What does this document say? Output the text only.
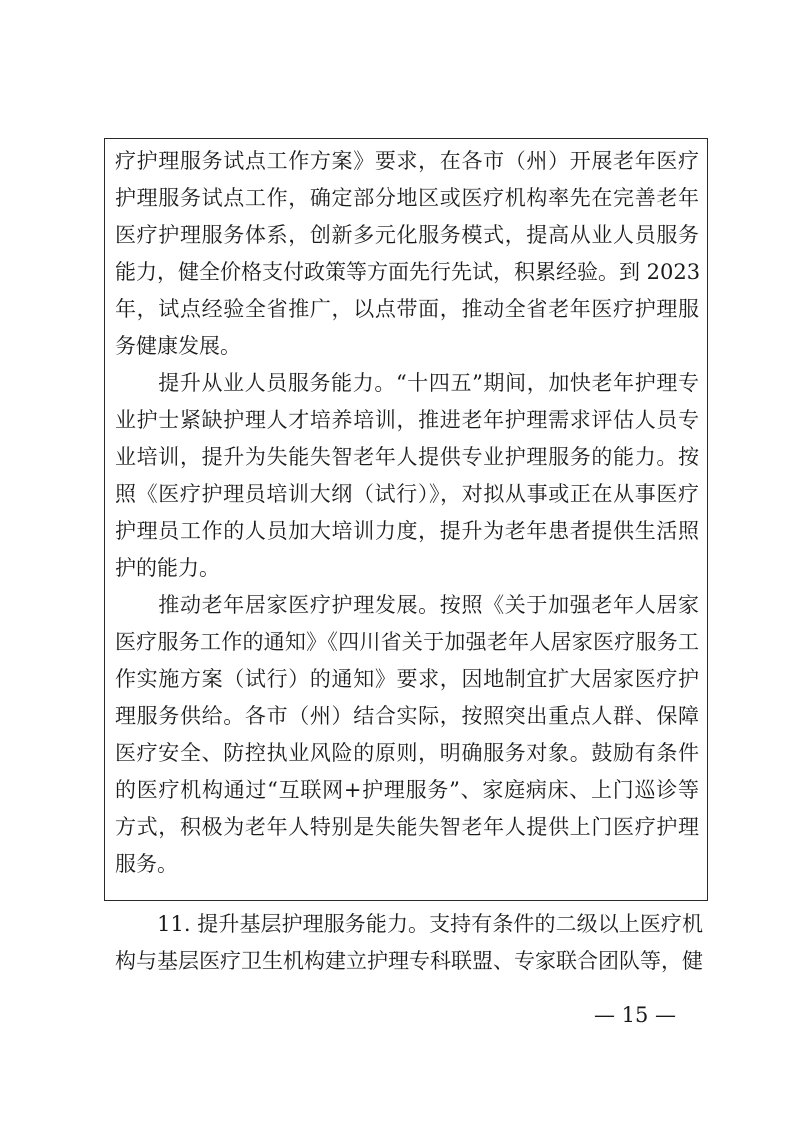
疗护理服务试点工作方案》要求，在各市（州）开展老年医疗
护理服务试点工作，确定部分地区或医疗机构率先在完善老年
医疗护理服务体系，创新多元化服务模式，提高从业人员服务
能力，健全价格支付政策等方面先行先试，积累经验。到 2023
年，试点经验全省推广，以点带面，推动全省老年医疗护理服
务健康发展。
　　提升从业人员服务能力。“十四五”期间，加快老年护理专
业护士紧缺护理人才培养培训，推进老年护理需求评估人员专
业培训，提升为失能失智老年人提供专业护理服务的能力。按
照《医疗护理员培训大纲（试行）》，对拟从事或正在从事医疗
护理员工作的人员加大培训力度，提升为老年患者提供生活照
护的能力。
　　推动老年居家医疗护理发展。按照《关于加强老年人居家
医疗服务工作的通知》《四川省关于加强老年人居家医疗服务工
作实施方案（试行）的通知》要求，因地制宜扩大居家医疗护
理服务供给。各市（州）结合实际，按照突出重点人群、保障
医疗安全、防控执业风险的原则，明确服务对象。鼓励有条件
的医疗机构通过“互联网+护理服务”、家庭病床、上门巡诊等
方式，积极为老年人特别是失能失智老年人提供上门医疗护理
服务。
　　11. 提升基层护理服务能力。支持有条件的二级以上医疗机
构与基层医疗卫生机构建立护理专科联盟、专家联合团队等，健
— 15 —
